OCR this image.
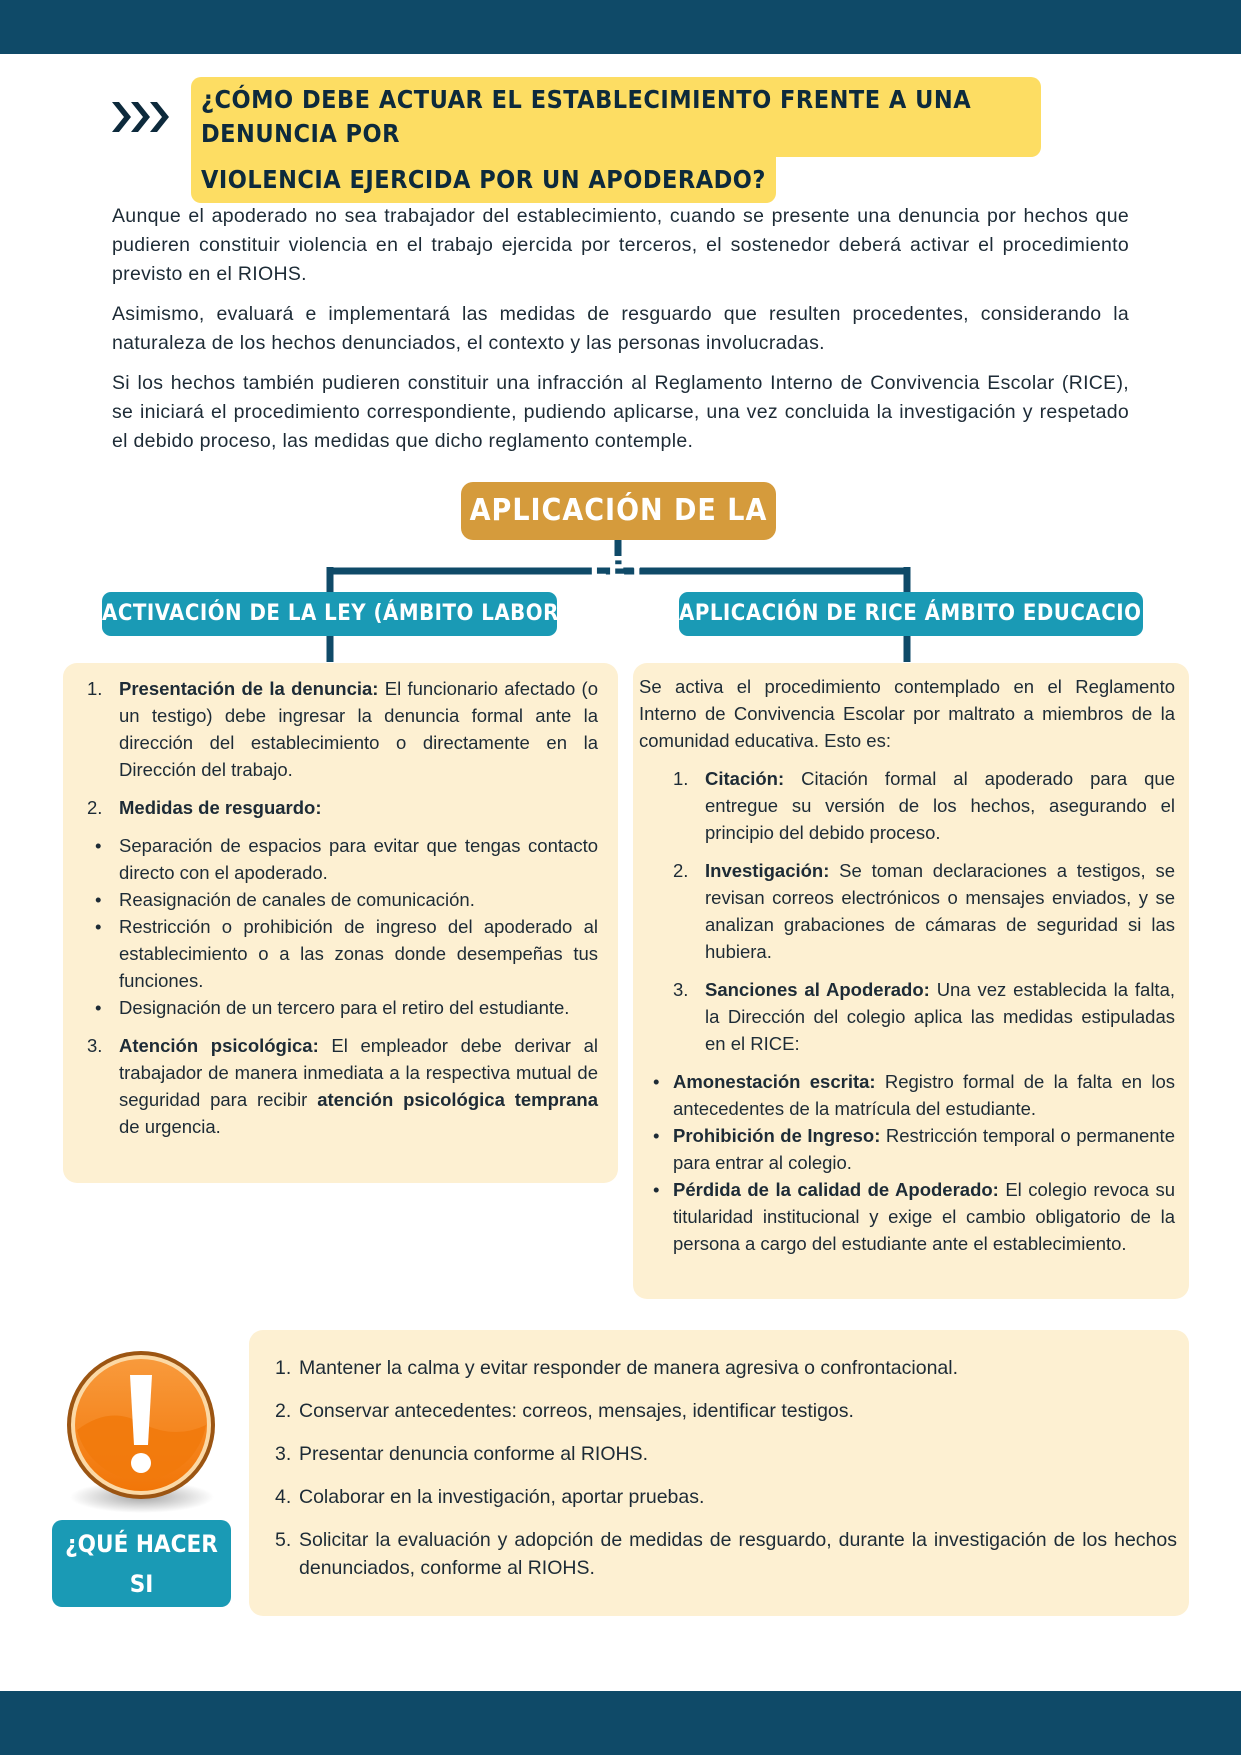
¿CÓMO DEBE ACTUAR EL ESTABLECIMIENTO FRENTE A UNA DENUNCIA POR
VIOLENCIA EJERCIDA POR UN APODERADO?

Aunque el apoderado no sea trabajador del establecimiento, cuando se presente una denuncia por hechos que pudieren constituir violencia en el trabajo ejercida por terceros, el sostenedor deberá activar el procedimiento previsto en el RIOHS.

Asimismo, evaluará e implementará las medidas de resguardo que resulten procedentes, considerando la naturaleza de los hechos denunciados, el contexto y las personas involucradas.

Si los hechos también pudieren constituir una infracción al Reglamento Interno de Convivencia Escolar (RICE), se iniciará el procedimiento correspondiente, pudiendo aplicarse, una vez concluida la investigación y respetado el debido proceso, las medidas que dicho reglamento contemple.

APLICACIÓN DE LA LEY
ACTIVACIÓN DE LA LEY (ÁMBITO LABORAL)	APLICACIÓN DE RICE ÁMBITO EDUCACIONAL
1. Presentación de la denuncia: El funcionario afectado (o un testigo) debe ingresar la denuncia formal ante la dirección del establecimiento o directamente en la Dirección del trabajo.
2. Medidas de resguardo:
• Separación de espacios para evitar que tengas contacto directo con el apoderado.
• Reasignación de canales de comunicación.
• Restricción o prohibición de ingreso del apoderado al establecimiento o a las zonas donde desempeñas tus funciones.
• Designación de un tercero para el retiro del estudiante.
3. Atención psicológica: El empleador debe derivar al trabajador de manera inmediata a la respectiva mutual de seguridad para recibir atención psicológica temprana de urgencia.

Se activa el procedimiento contemplado en el Reglamento Interno de Convivencia Escolar por maltrato a miembros de la comunidad educativa. Esto es:

1. Citación: Citación formal al apoderado para que entregue su versión de los hechos, asegurando el principio del debido proceso.
2. Investigación: Se toman declaraciones a testigos, se revisan correos electrónicos o mensajes enviados, y se analizan grabaciones de cámaras de seguridad si las hubiera.
3. Sanciones al Apoderado: Una vez establecida la falta, la Dirección del colegio aplica las medidas estipuladas en el RICE:
• Amonestación escrita: Registro formal de la falta en los antecedentes de la matrícula del estudiante.
• Prohibición de Ingreso: Restricción temporal o permanente para entrar al colegio.
• Pérdida de la calidad de Apoderado: El colegio revoca su titularidad institucional y exige el cambio obligatorio de la persona a cargo del estudiante ante el establecimiento.
¿QUÉ HACER SI
ERES VÍCTIMA?
1. Mantener la calma y evitar responder de manera agresiva o confrontacional.
2. Conservar antecedentes: correos, mensajes, identificar testigos.
3. Presentar denuncia conforme al RIOHS.
4. Colaborar en la investigación, aportar pruebas.
5. Solicitar la evaluación y adopción de medidas de resguardo, durante la investigación de los hechos denunciados, conforme al RIOHS.
